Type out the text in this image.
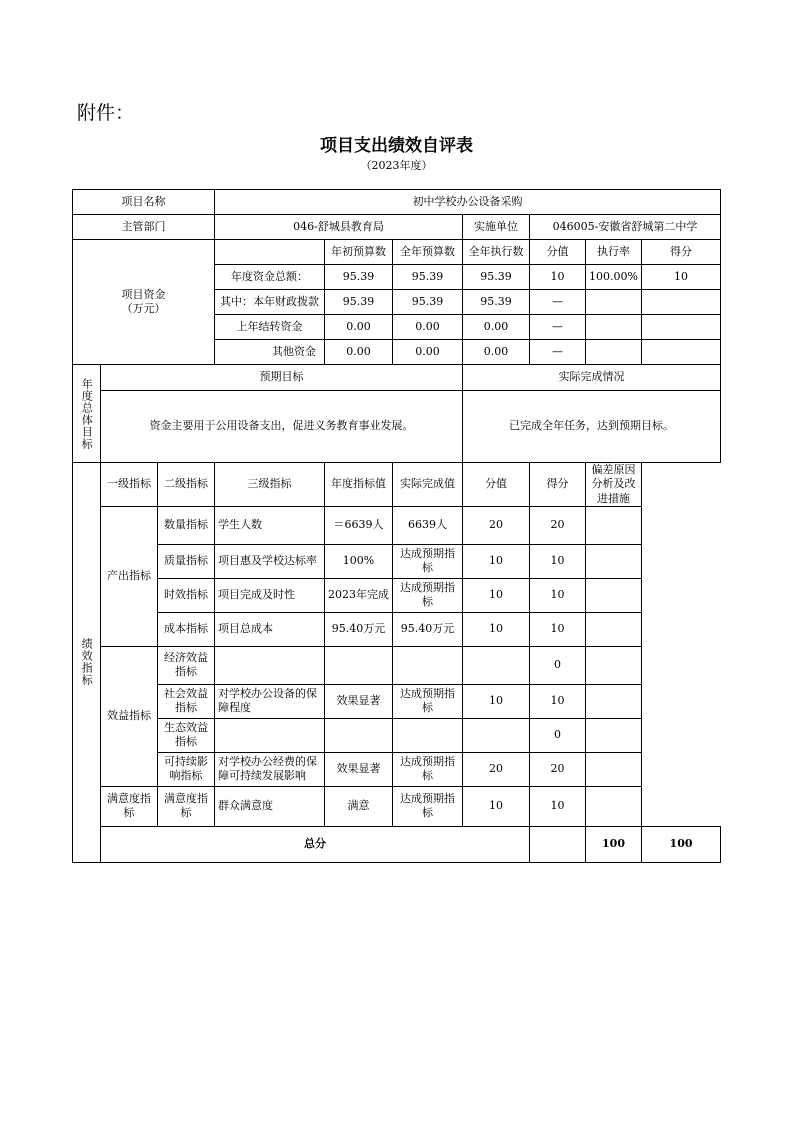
附件：
项目支出绩效自评表
（2023年度）
项目名称			初中学校办公设备采购							
主管部门			046-舒城县教育局			实施单位	046005-安徽省舒城第二中学			
项目资金
（万元）				年初预算数	全年预算数	全年执行数	分值	执行率	得分	
			年度资金总额：	95.39	95.39	95.39	10	100.00%	10	
			其中：本年财政拨款	95.39	95.39	95.39	—			
			上年结转资金	0.00	0.00	0.00	—			
			其他资金	0.00	0.00	0.00	—			
年度总体目标	预期目标					实际完成情况				
	资金主要用于公用设备支出，促进义务教育事业发展。					已完成全年任务，达到预期目标。				
绩效指标	一级指标	二级指标	三级指标	年度指标值	实际完成值	分值	得分	偏差原因分析及改进措施		
	产出指标	数量指标	学生人数	＝6639人	6639人	20	20			
		质量指标	项目惠及学校达标率	100%	达成预期指标	10	10			
		时效指标	项目完成及时性	2023年完成	达成预期指标	10	10			
		成本指标	项目总成本	95.40万元	95.40万元	10	10			
	效益指标	经济效益指标					0			
		社会效益指标	对学校办公设备的保障程度	效果显著	达成预期指标	10	10			
		生态效益指标					0			
		可持续影响指标	对学校办公经费的保障可持续发展影响	效果显著	达成预期指标	20	20			
	满意度指标	满意度指标	群众满意度	满意	达成预期指标	10	10			
	总分							100	100	
